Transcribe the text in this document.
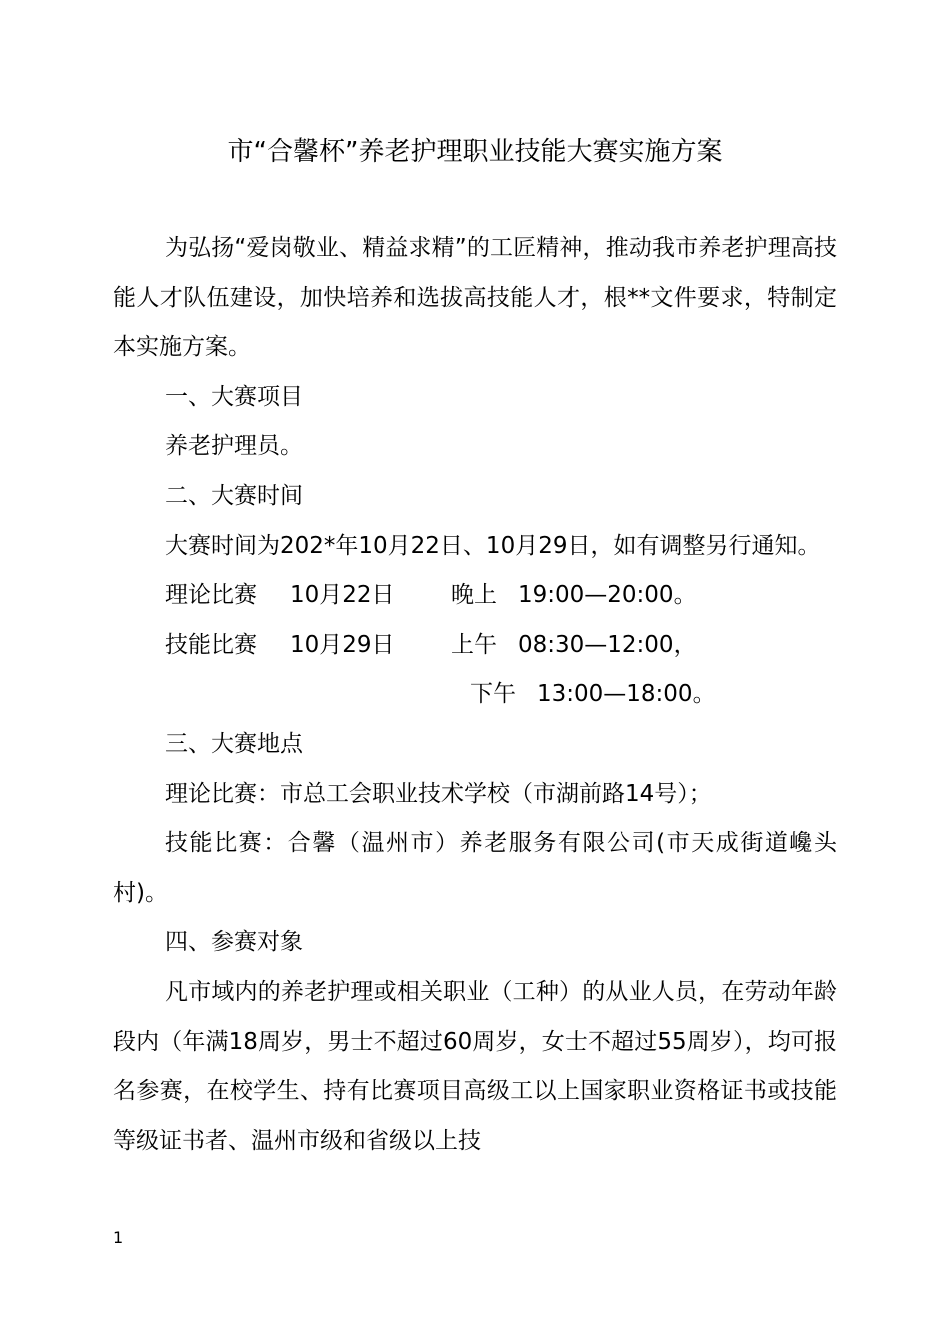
市“合馨杯”养老护理职业技能大赛实施方案

为弘扬“爱岗敬业、精益求精”的工匠精神，推动我市养老护理高技能人才队伍建设，加快培养和选拔高技能人才，根**文件要求，特制定本实施方案。

一、大赛项目

养老护理员。

二、大赛时间

大赛时间为202*年10月22日、10月29日，如有调整另行通知。

理论比赛 10月22日 晚上 19:00—20:00。
技能比赛 10月29日 上午 08:30—12:00，
下午 13:00—18:00。

三、大赛地点

理论比赛：市总工会职业技术学校（市湖前路14号）；

技能比赛：合馨（温州市）养老服务有限公司(市天成街道巉头村)。

四、参赛对象

凡市域内的养老护理或相关职业（工种）的从业人员，在劳动年龄段内（年满18周岁，男士不超过60周岁，女士不超过55周岁），均可报名参赛，在校学生、持有比赛项目高级工以上国家职业资格证书或技能等级证书者、温州市级和省级以上技

1
